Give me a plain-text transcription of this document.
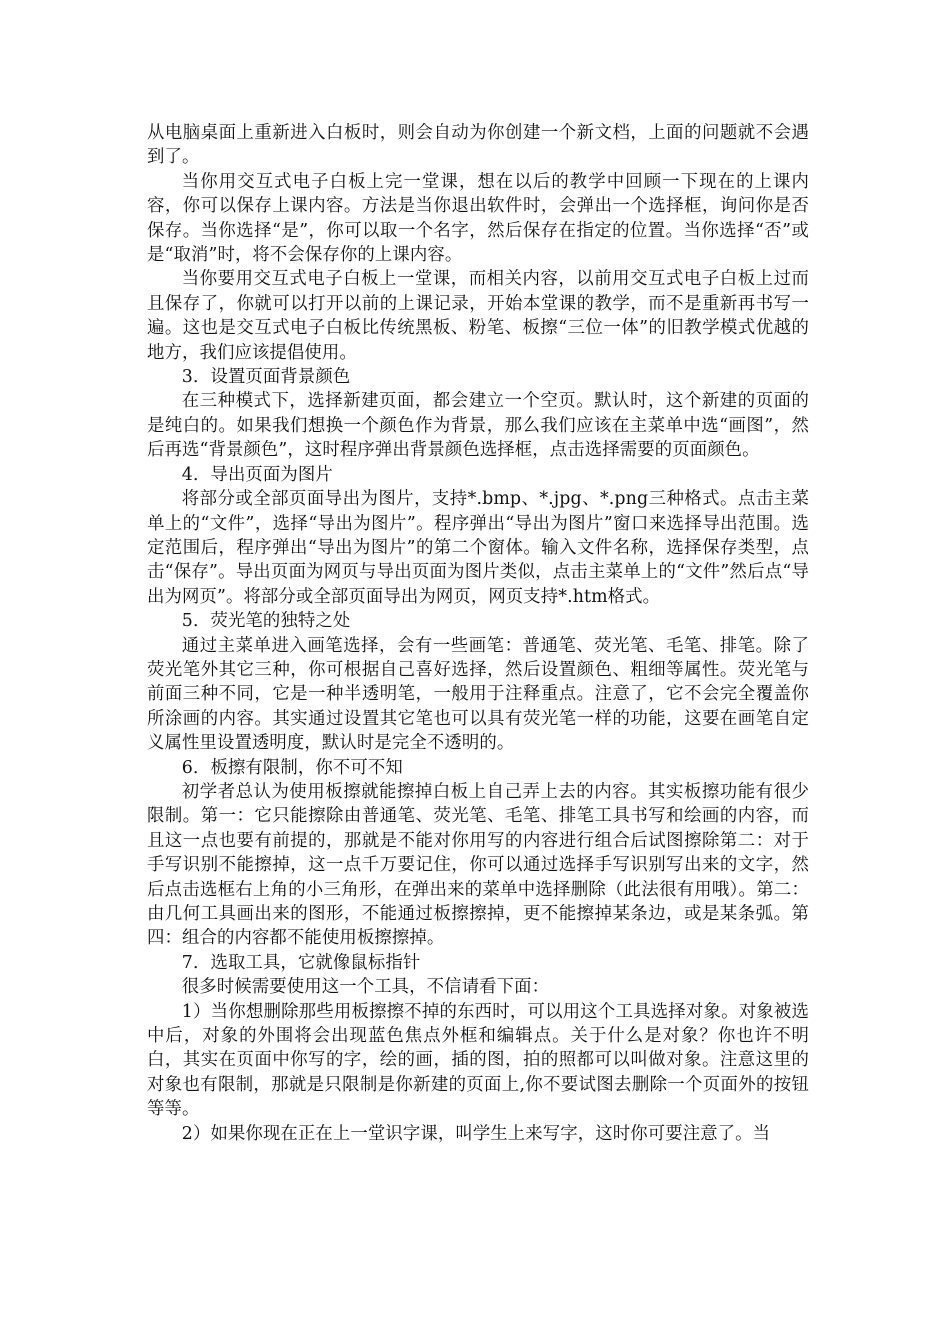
从电脑桌面上重新进入白板时，则会自动为你创建一个新文档，上面的问题就不会遇到了。

当你用交互式电子白板上完一堂课，想在以后的教学中回顾一下现在的上课内容，你可以保存上课内容。方法是当你退出软件时，会弹出一个选择框，询问你是否保存。当你选择“是”，你可以取一个名字，然后保存在指定的位置。当你选择“否”或是“取消”时，将不会保存你的上课内容。

当你要用交互式电子白板上一堂课，而相关内容，以前用交互式电子白板上过而且保存了，你就可以打开以前的上课记录，开始本堂课的教学，而不是重新再书写一遍。这也是交互式电子白板比传统黑板、粉笔、板擦“三位一体”的旧教学模式优越的地方，我们应该提倡使用。

3．设置页面背景颜色

在三种模式下，选择新建页面，都会建立一个空页。默认时，这个新建的页面的是纯白的。如果我们想换一个颜色作为背景，那么我们应该在主菜单中选“画图”，然后再选“背景颜色”，这时程序弹出背景颜色选择框，点击选择需要的页面颜色。

4．导出页面为图片

将部分或全部页面导出为图片，支持*.bmp、*.jpg、*.png三种格式。点击主菜单上的“文件”，选择“导出为图片”。程序弹出“导出为图片”窗口来选择导出范围。选定范围后，程序弹出“导出为图片”的第二个窗体。输入文件名称，选择保存类型，点击“保存”。导出页面为网页与导出页面为图片类似，点击主菜单上的“文件”然后点“导出为网页”。将部分或全部页面导出为网页，网页支持*.htm格式。

5．荧光笔的独特之处

通过主菜单进入画笔选择，会有一些画笔：普通笔、荧光笔、毛笔、排笔。除了荧光笔外其它三种，你可根据自己喜好选择，然后设置颜色、粗细等属性。荧光笔与前面三种不同，它是一种半透明笔，一般用于注释重点。注意了，它不会完全覆盖你所涂画的内容。其实通过设置其它笔也可以具有荧光笔一样的功能，这要在画笔自定义属性里设置透明度，默认时是完全不透明的。

6．板擦有限制，你不可不知

初学者总认为使用板擦就能擦掉白板上自己弄上去的内容。其实板擦功能有很少限制。第一：它只能擦除由普通笔、荧光笔、毛笔、排笔工具书写和绘画的内容，而且这一点也要有前提的，那就是不能对你用写的内容进行组合后试图擦除第二：对于手写识别不能擦掉，这一点千万要记住，你可以通过选择手写识别写出来的文字，然后点击选框右上角的小三角形，在弹出来的菜单中选择删除（此法很有用哦）。第二：由几何工具画出来的图形，不能通过板擦擦掉，更不能擦掉某条边，或是某条弧。第四：组合的内容都不能使用板擦擦掉。

7．选取工具，它就像鼠标指针

很多时候需要使用这一个工具，不信请看下面：

1）当你想删除那些用板擦擦不掉的东西时，可以用这个工具选择对象。对象被选中后，对象的外围将会出现蓝色焦点外框和编辑点。关于什么是对象？你也许不明白，其实在页面中你写的字，绘的画，插的图，拍的照都可以叫做对象。注意这里的对象也有限制，那就是只限制是你新建的页面上,你不要试图去删除一个页面外的按钮等等。

2）如果你现在正在上一堂识字课，叫学生上来写字，这时你可要注意了。当
